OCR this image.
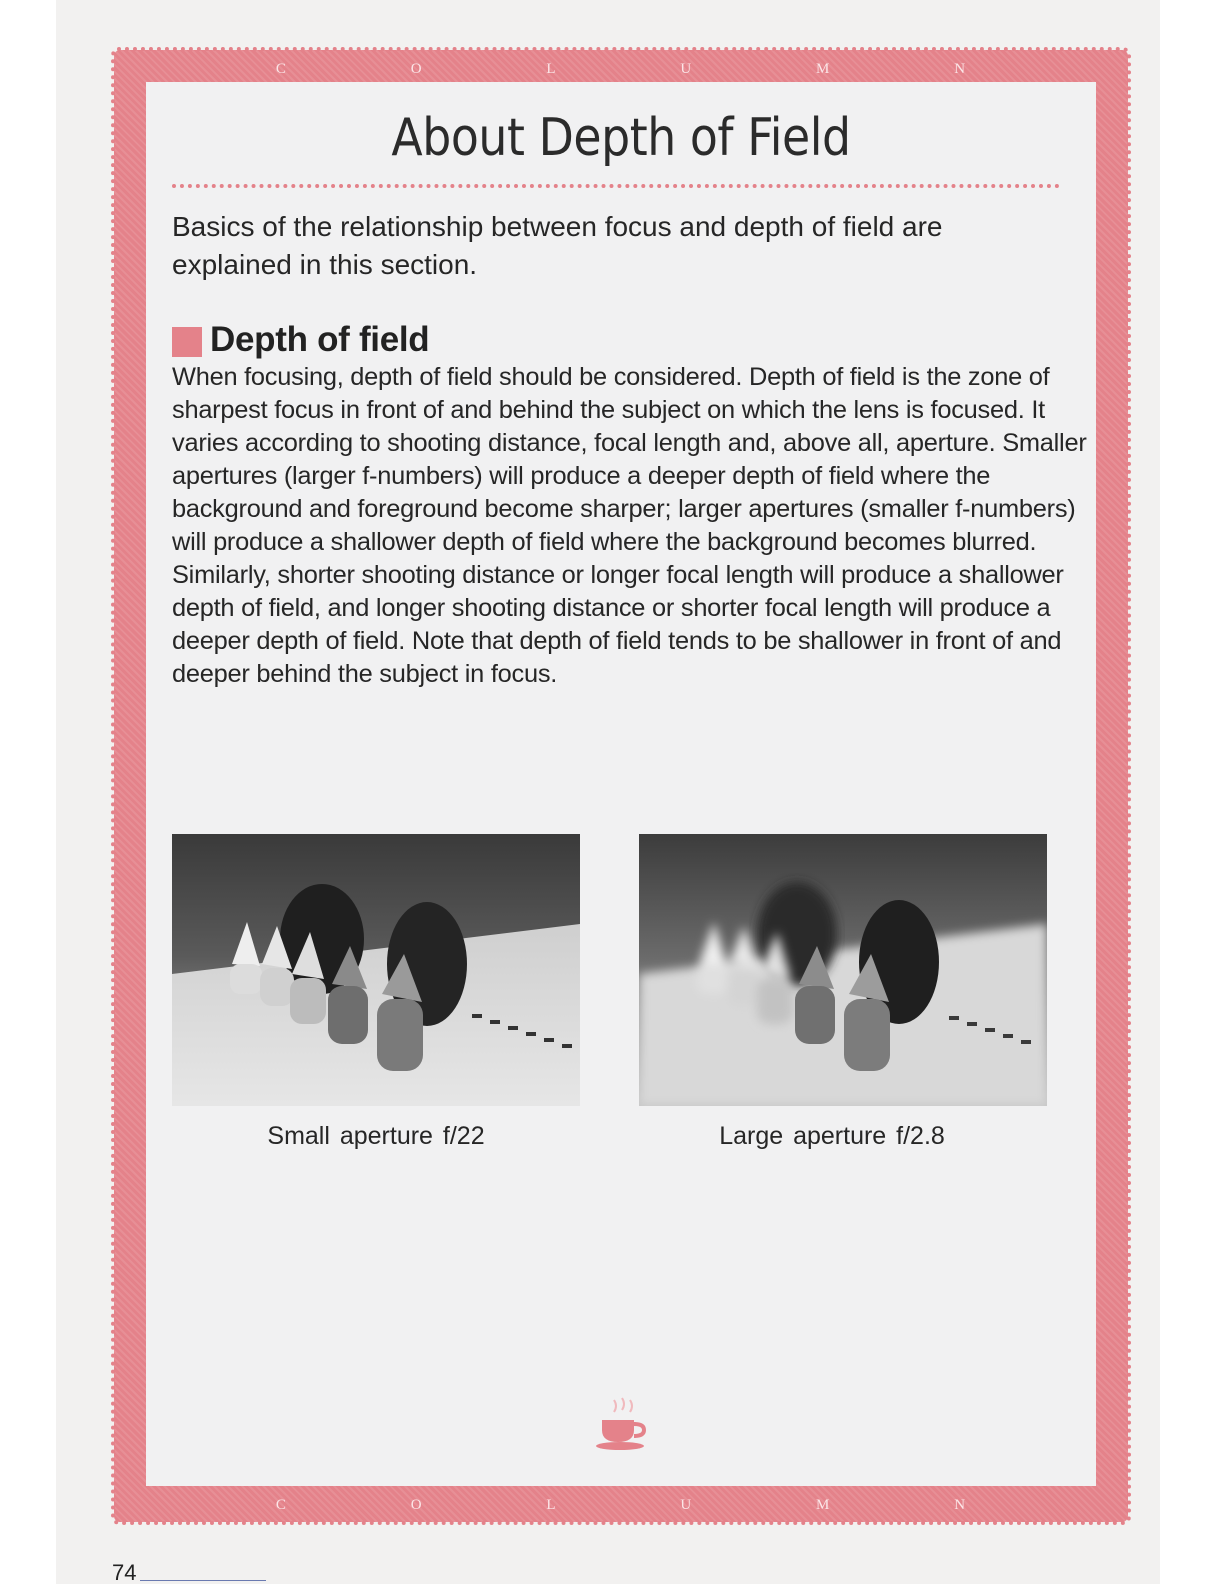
C	O	L	U	M	N
C	O	L	U	M	N
About Depth of Field

Basics of the relationship between focus and depth of field are explained in this section.

Depth of field

When focusing, depth of field should be considered. Depth of field is the zone of sharpest focus in front of and behind the subject on which the lens is focused. It varies according to shooting distance, focal length and, above all, aperture. Smaller apertures (larger f-numbers) will produce a deeper depth of field where the background and foreground become sharper; larger apertures (smaller f-numbers) will produce a shallower depth of field where the background becomes blurred. Similarly, shorter shooting distance or longer focal length will produce a shallower depth of field, and longer shooting distance or shorter focal length will produce a deeper depth of field. Note that depth of field tends to be shallower in front of and deeper behind the subject in focus.

Small aperture f/22	Large aperture f/2.8
74
